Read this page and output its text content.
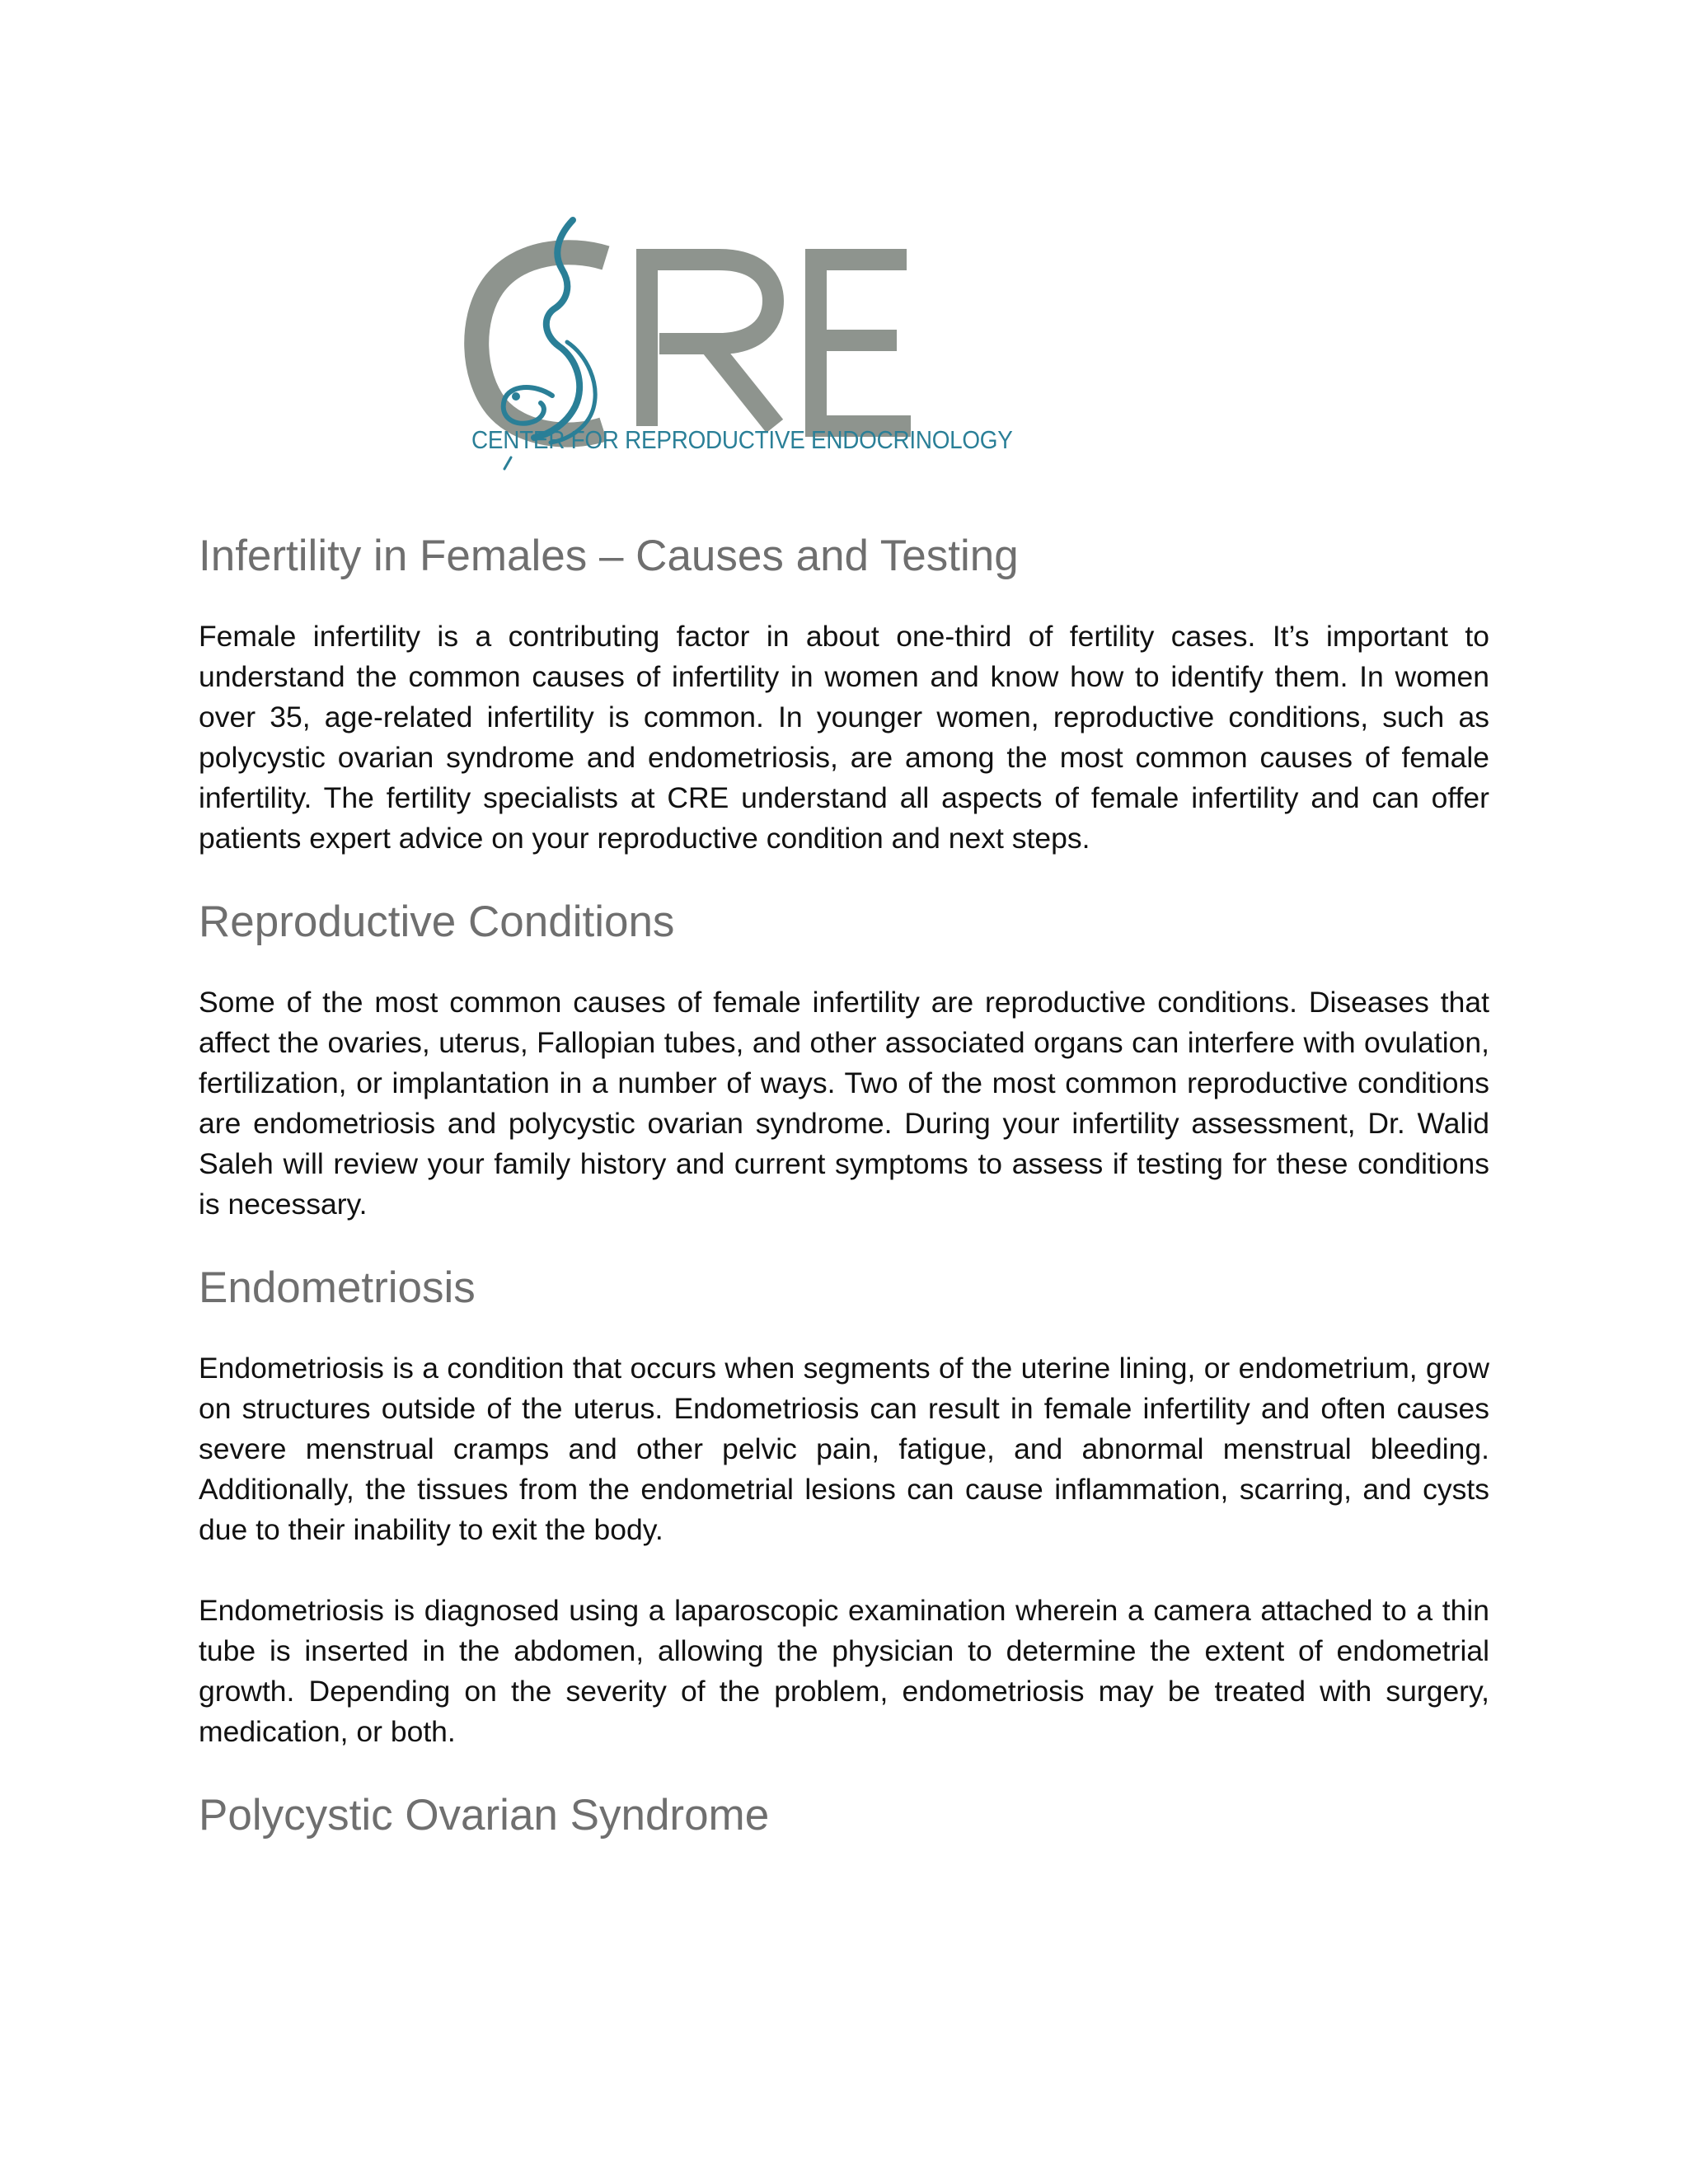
CENTER FOR REPRODUCTIVE ENDOCRINOLOGY
Infertility in Females – Causes and Testing

Female infertility is a contributing factor in about one-third of fertility cases. It’s important to understand the common causes of infertility in women and know how to identify them. In women over 35, age-related infertility is common. In younger women, reproductive conditions, such as polycystic ovarian syndrome and endometriosis, are among the most common causes of female infertility. The fertility specialists at CRE understand all aspects of female infertility and can offer patients expert advice on your reproductive condition and next steps.

Reproductive Conditions

Some of the most common causes of female infertility are reproductive conditions. Diseases that affect the ovaries, uterus, Fallopian tubes, and other associated organs can interfere with ovulation, fertilization, or implantation in a number of ways. Two of the most common reproductive conditions are endometriosis and polycystic ovarian syndrome. During your infertility assessment, Dr. Walid Saleh will review your family history and current symptoms to assess if testing for these conditions is necessary.

Endometriosis

Endometriosis is a condition that occurs when segments of the uterine lining, or endometrium, grow on structures outside of the uterus. Endometriosis can result in female infertility and often causes severe menstrual cramps and other pelvic pain, fatigue, and abnormal menstrual bleeding. Additionally, the tissues from the endometrial lesions can cause inflammation, scarring, and cysts due to their inability to exit the body.

Endometriosis is diagnosed using a laparoscopic examination wherein a camera attached to a thin tube is inserted in the abdomen, allowing the physician to determine the extent of endometrial growth. Depending on the severity of the problem, endometriosis may be treated with surgery, medication, or both.

Polycystic Ovarian Syndrome
